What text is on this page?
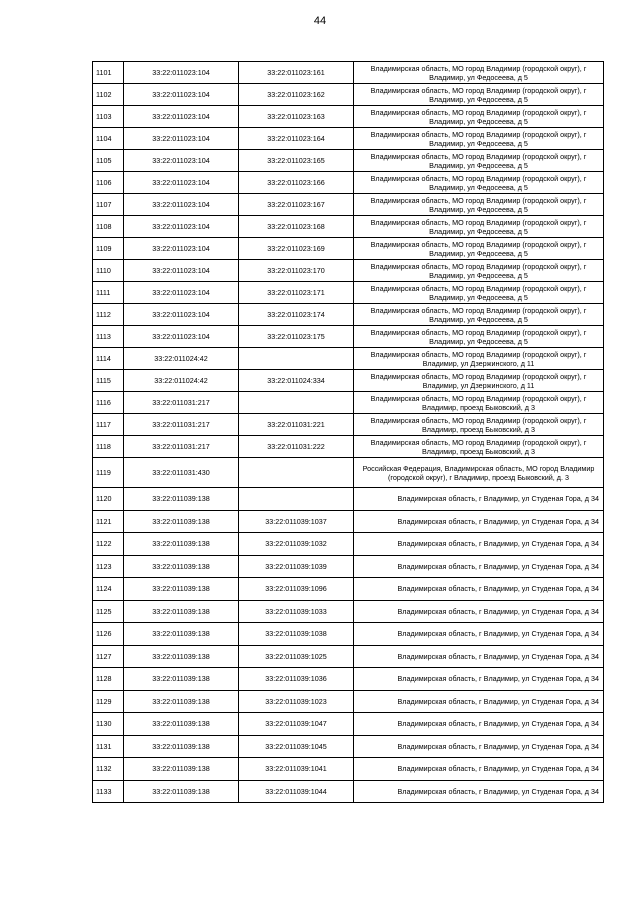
44
1101	33:22:011023:104	33:22:011023:161	Владимирская область, МО город Владимир (городской округ), г Владимир, ул Федосеева, д 5
1102	33:22:011023:104	33:22:011023:162	Владимирская область, МО город Владимир (городской округ), г Владимир, ул Федосеева, д 5
1103	33:22:011023:104	33:22:011023:163	Владимирская область, МО город Владимир (городской округ), г Владимир, ул Федосеева, д 5
1104	33:22:011023:104	33:22:011023:164	Владимирская область, МО город Владимир (городской округ), г Владимир, ул Федосеева, д 5
1105	33:22:011023:104	33:22:011023:165	Владимирская область, МО город Владимир (городской округ), г Владимир, ул Федосеева, д 5
1106	33:22:011023:104	33:22:011023:166	Владимирская область, МО город Владимир (городской округ), г Владимир, ул Федосеева, д 5
1107	33:22:011023:104	33:22:011023:167	Владимирская область, МО город Владимир (городской округ), г Владимир, ул Федосеева, д 5
1108	33:22:011023:104	33:22:011023:168	Владимирская область, МО город Владимир (городской округ), г Владимир, ул Федосеева, д 5
1109	33:22:011023:104	33:22:011023:169	Владимирская область, МО город Владимир (городской округ), г Владимир, ул Федосеева, д 5
1110	33:22:011023:104	33:22:011023:170	Владимирская область, МО город Владимир (городской округ), г Владимир, ул Федосеева, д 5
1111	33:22:011023:104	33:22:011023:171	Владимирская область, МО город Владимир (городской округ), г Владимир, ул Федосеева, д 5
1112	33:22:011023:104	33:22:011023:174	Владимирская область, МО город Владимир (городской округ), г Владимир, ул Федосеева, д 5
1113	33:22:011023:104	33:22:011023:175	Владимирская область, МО город Владимир (городской округ), г Владимир, ул Федосеева, д 5
1114	33:22:011024:42		Владимирская область, МО город Владимир (городской округ), г Владимир, ул Дзержинского, д 11
1115	33:22:011024:42	33:22:011024:334	Владимирская область, МО город Владимир (городской округ), г Владимир, ул Дзержинского, д 11
1116	33:22:011031:217		Владимирская область, МО город Владимир (городской округ), г Владимир, проезд Быковский, д 3
1117	33:22:011031:217	33:22:011031:221	Владимирская область, МО город Владимир (городской округ), г Владимир, проезд Быковский, д 3
1118	33:22:011031:217	33:22:011031:222	Владимирская область, МО город Владимир (городской округ), г Владимир, проезд Быковский, д 3
1119	33:22:011031:430		Российская Федерация, Владимирская область, МО город Владимир (городской округ), г Владимир, проезд Быковский, д. 3
1120	33:22:011039:138		Владимирская область, г Владимир, ул Студеная Гора, д 34
1121	33:22:011039:138	33:22:011039:1037	Владимирская область, г Владимир, ул Студеная Гора, д 34
1122	33:22:011039:138	33:22:011039:1032	Владимирская область, г Владимир, ул Студеная Гора, д 34
1123	33:22:011039:138	33:22:011039:1039	Владимирская область, г Владимир, ул Студеная Гора, д 34
1124	33:22:011039:138	33:22:011039:1096	Владимирская область, г Владимир, ул Студеная Гора, д 34
1125	33:22:011039:138	33:22:011039:1033	Владимирская область, г Владимир, ул Студеная Гора, д 34
1126	33:22:011039:138	33:22:011039:1038	Владимирская область, г Владимир, ул Студеная Гора, д 34
1127	33:22:011039:138	33:22:011039:1025	Владимирская область, г Владимир, ул Студеная Гора, д 34
1128	33:22:011039:138	33:22:011039:1036	Владимирская область, г Владимир, ул Студеная Гора, д 34
1129	33:22:011039:138	33:22:011039:1023	Владимирская область, г Владимир, ул Студеная Гора, д 34
1130	33:22:011039:138	33:22:011039:1047	Владимирская область, г Владимир, ул Студеная Гора, д 34
1131	33:22:011039:138	33:22:011039:1045	Владимирская область, г Владимир, ул Студеная Гора, д 34
1132	33:22:011039:138	33:22:011039:1041	Владимирская область, г Владимир, ул Студеная Гора, д 34
1133	33:22:011039:138	33:22:011039:1044	Владимирская область, г Владимир, ул Студеная Гора, д 34
